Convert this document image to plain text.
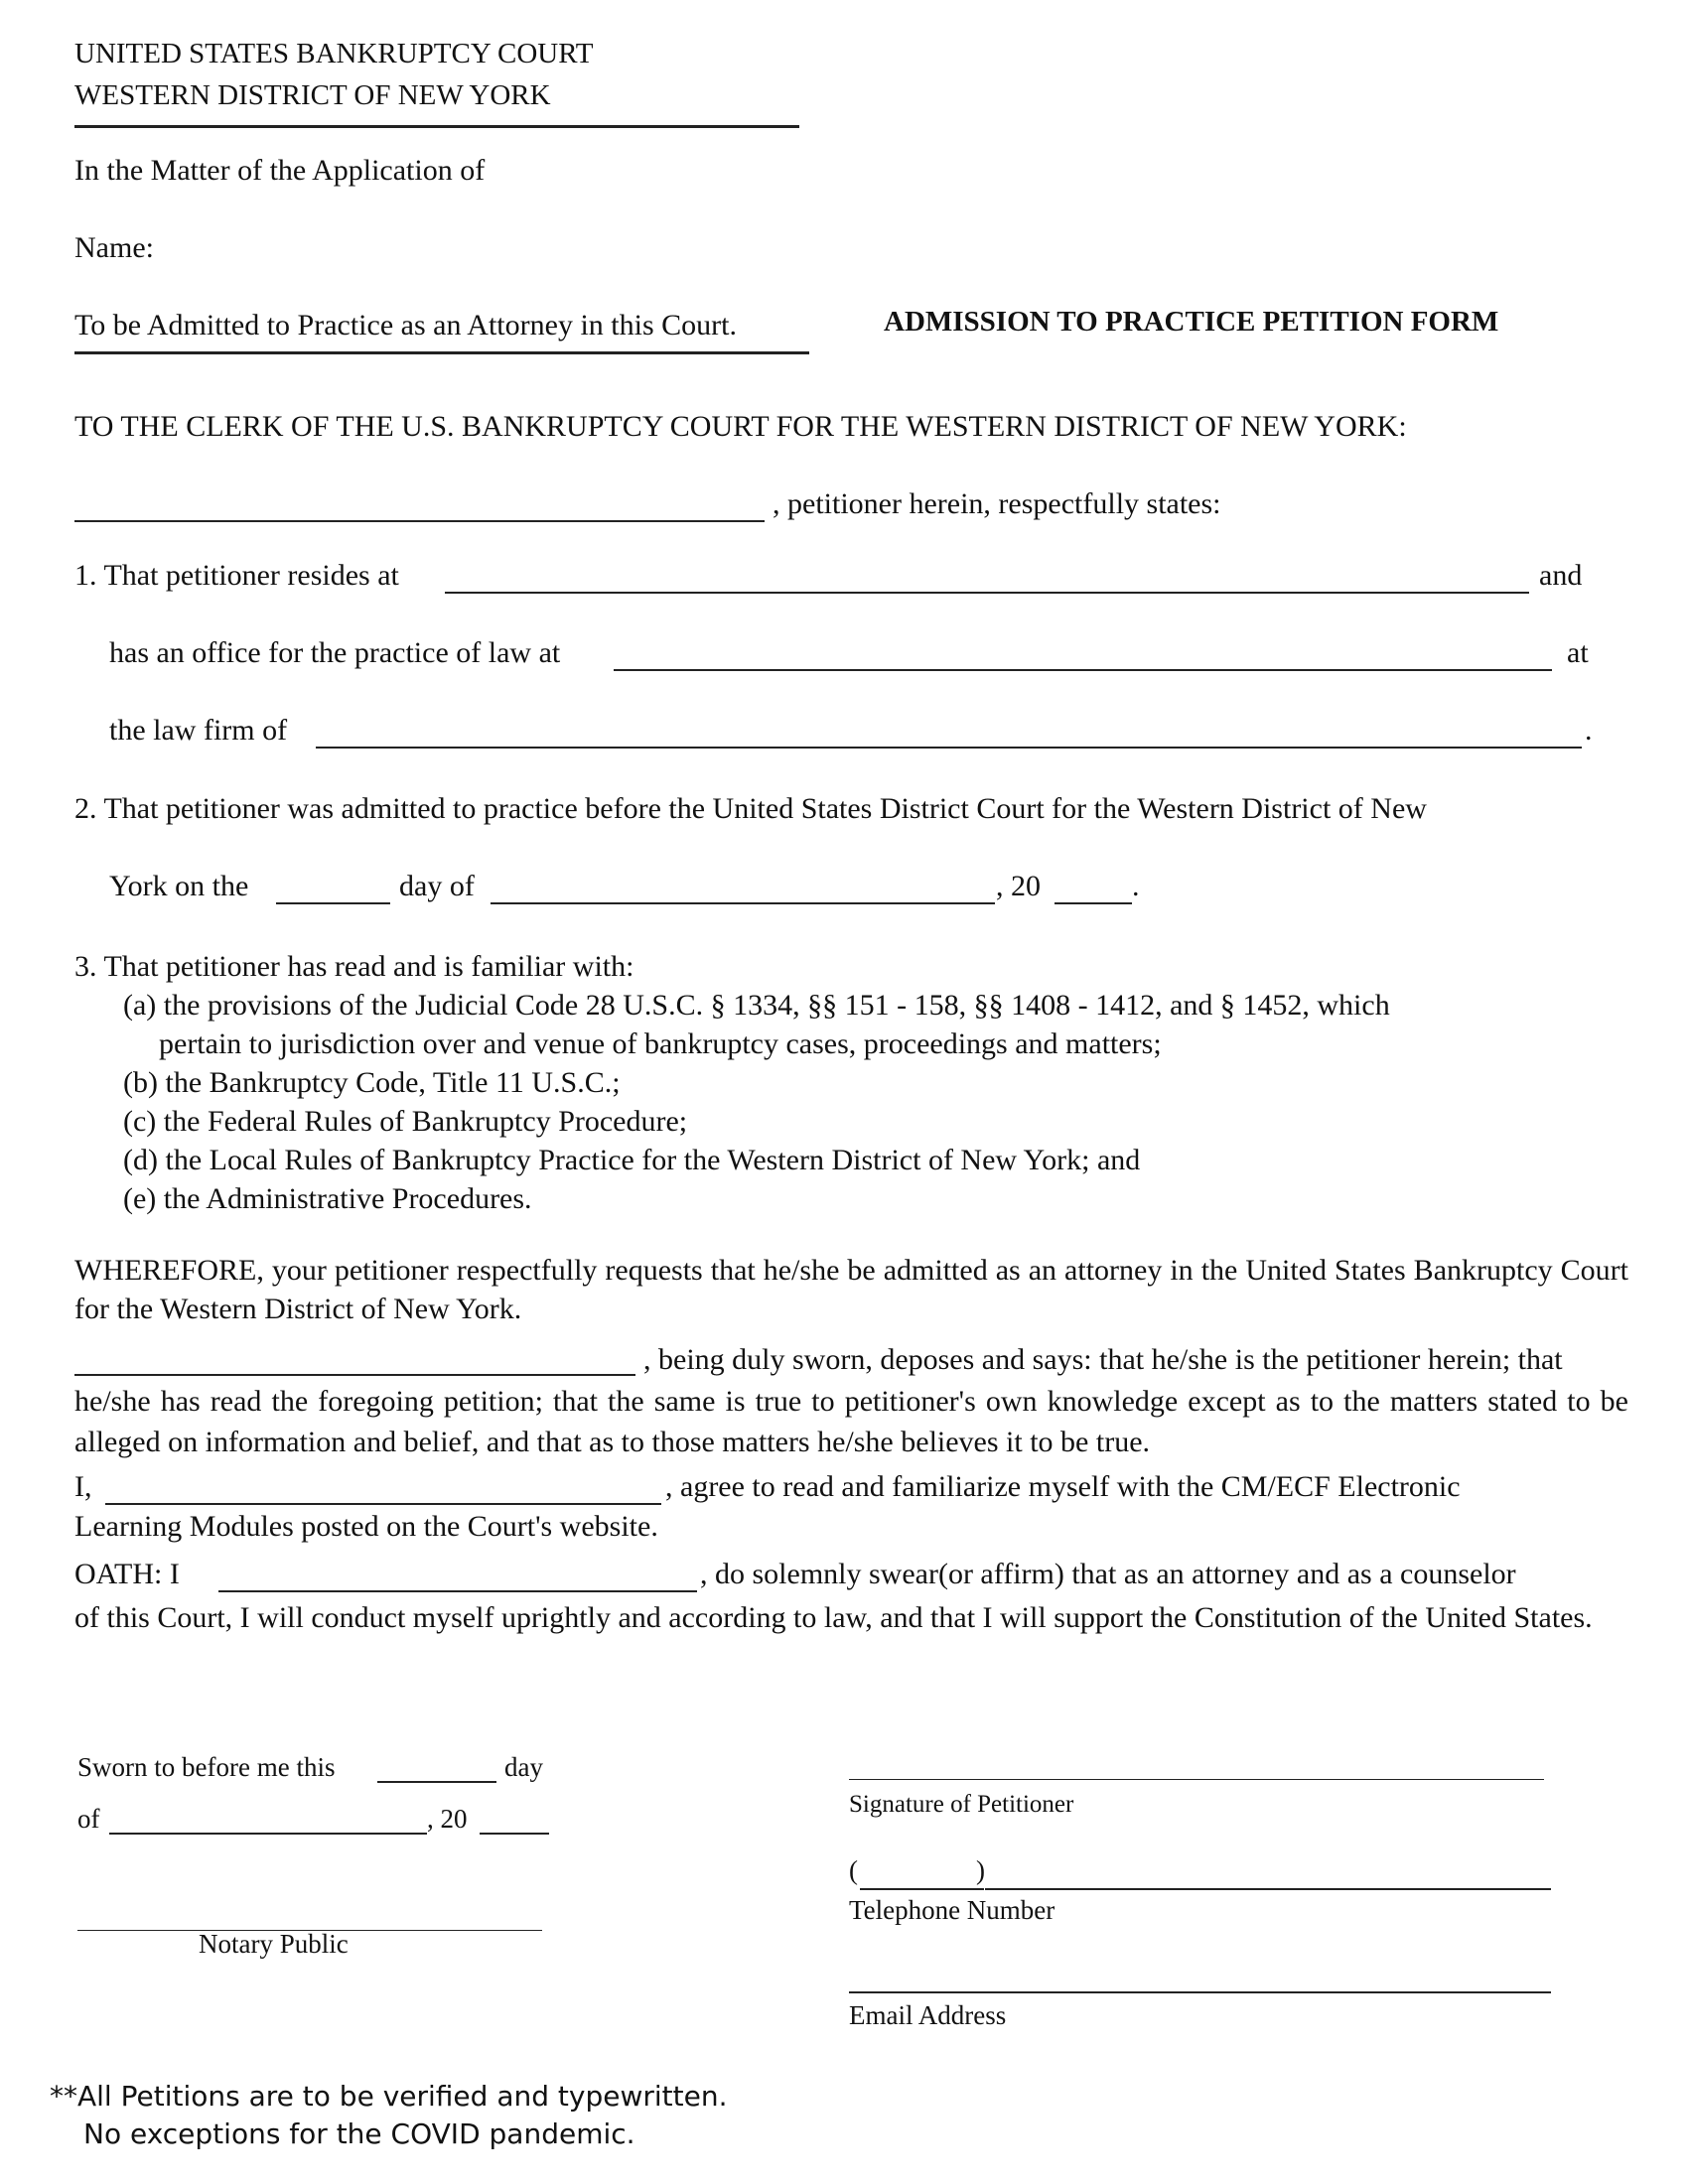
UNITED STATES BANKRUPTCY COURT
WESTERN DISTRICT OF NEW YORK
In the Matter of the Application of
Name:
To be Admitted to Practice as an Attorney in this Court.	ADMISSION TO PRACTICE PETITION FORM
TO THE CLERK OF THE U.S. BANKRUPTCY COURT FOR THE WESTERN DISTRICT OF NEW YORK:
, petitioner herein, respectfully states:
1. That petitioner resides at	and
has an office for the practice of law at	at
the law firm of	.
2. That petitioner was admitted to practice before the United States District Court for the Western District of New
York on the	day of	, 20	.
3. That petitioner has read and is familiar with:
(a) the provisions of the Judicial Code 28 U.S.C. § 1334, §§ 151 - 158, §§ 1408 - 1412, and § 1452, which
pertain to jurisdiction over and venue of bankruptcy cases, proceedings and matters;
(b) the Bankruptcy Code, Title 11 U.S.C.;
(c) the Federal Rules of Bankruptcy Procedure;
(d) the Local Rules of Bankruptcy Practice for the Western District of New York; and
(e) the Administrative Procedures.
WHEREFORE, your petitioner respectfully requests that he/she be admitted as an attorney in the United States Bankruptcy Court for the Western District of New York.
, being duly sworn, deposes and says: that he/she is the petitioner herein; that
he/she has read the foregoing petition; that the same is true to petitioner's own knowledge except as to the matters stated to be alleged on information and belief, and that as to those matters he/she believes it to be true.
I,	, agree to read and familiarize myself with the CM/ECF Electronic
Learning Modules posted on the Court's website.
OATH: I	, do solemnly swear(or affirm) that as an attorney and as a counselor
of this Court, I will conduct myself uprightly and according to law, and that I will support the Constitution of the United States.
Sworn to before me this	day
of	, 20
Notary Public
Signature of Petitioner
(	)
Telephone Number
Email Address
**All Petitions are to be verified and typewritten.
No exceptions for the COVID pandemic.
